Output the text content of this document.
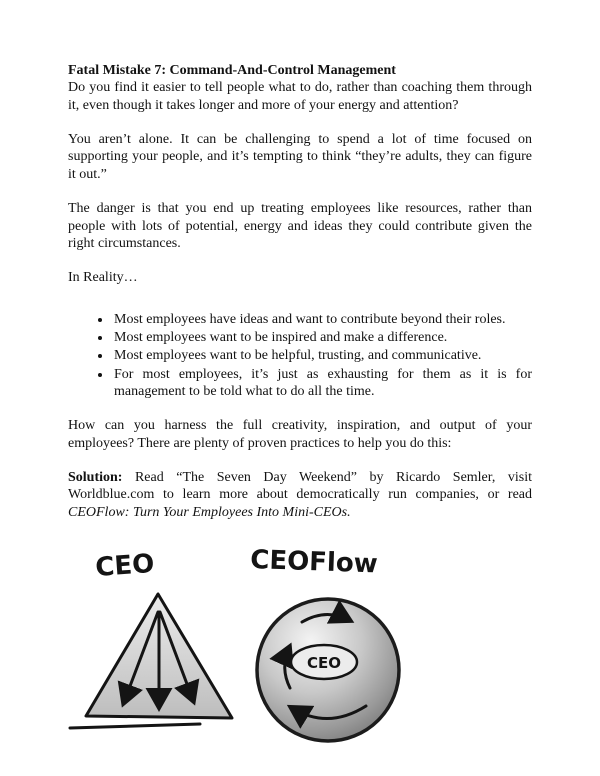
Fatal Mistake 7: Command-And-Control Management

Do you find it easier to tell people what to do, rather than coaching them through it, even though it takes longer and more of your energy and attention?

You aren’t alone. It can be challenging to spend a lot of time focused on supporting your people, and it’s tempting to think “they’re adults, they can figure it out.”

The danger is that you end up treating employees like resources, rather than people with lots of potential, energy and ideas they could contribute given the right circumstances.

In Reality…

• Most employees have ideas and want to contribute beyond their roles.
• Most employees want to be inspired and make a difference.
• Most employees want to be helpful, trusting, and communicative.
• For most employees, it’s just as exhausting for them as it is for management to be told what to do all the time.

How can you harness the full creativity, inspiration, and output of your employees? There are plenty of proven practices to help you do this:

Solution: Read “The Seven Day Weekend” by Ricardo Semler, visit Worldblue.com to learn more about democratically run companies, or read CEOFlow: Turn Your Employees Into Mini-CEOs.

CEO	CEOFlow
CEO
